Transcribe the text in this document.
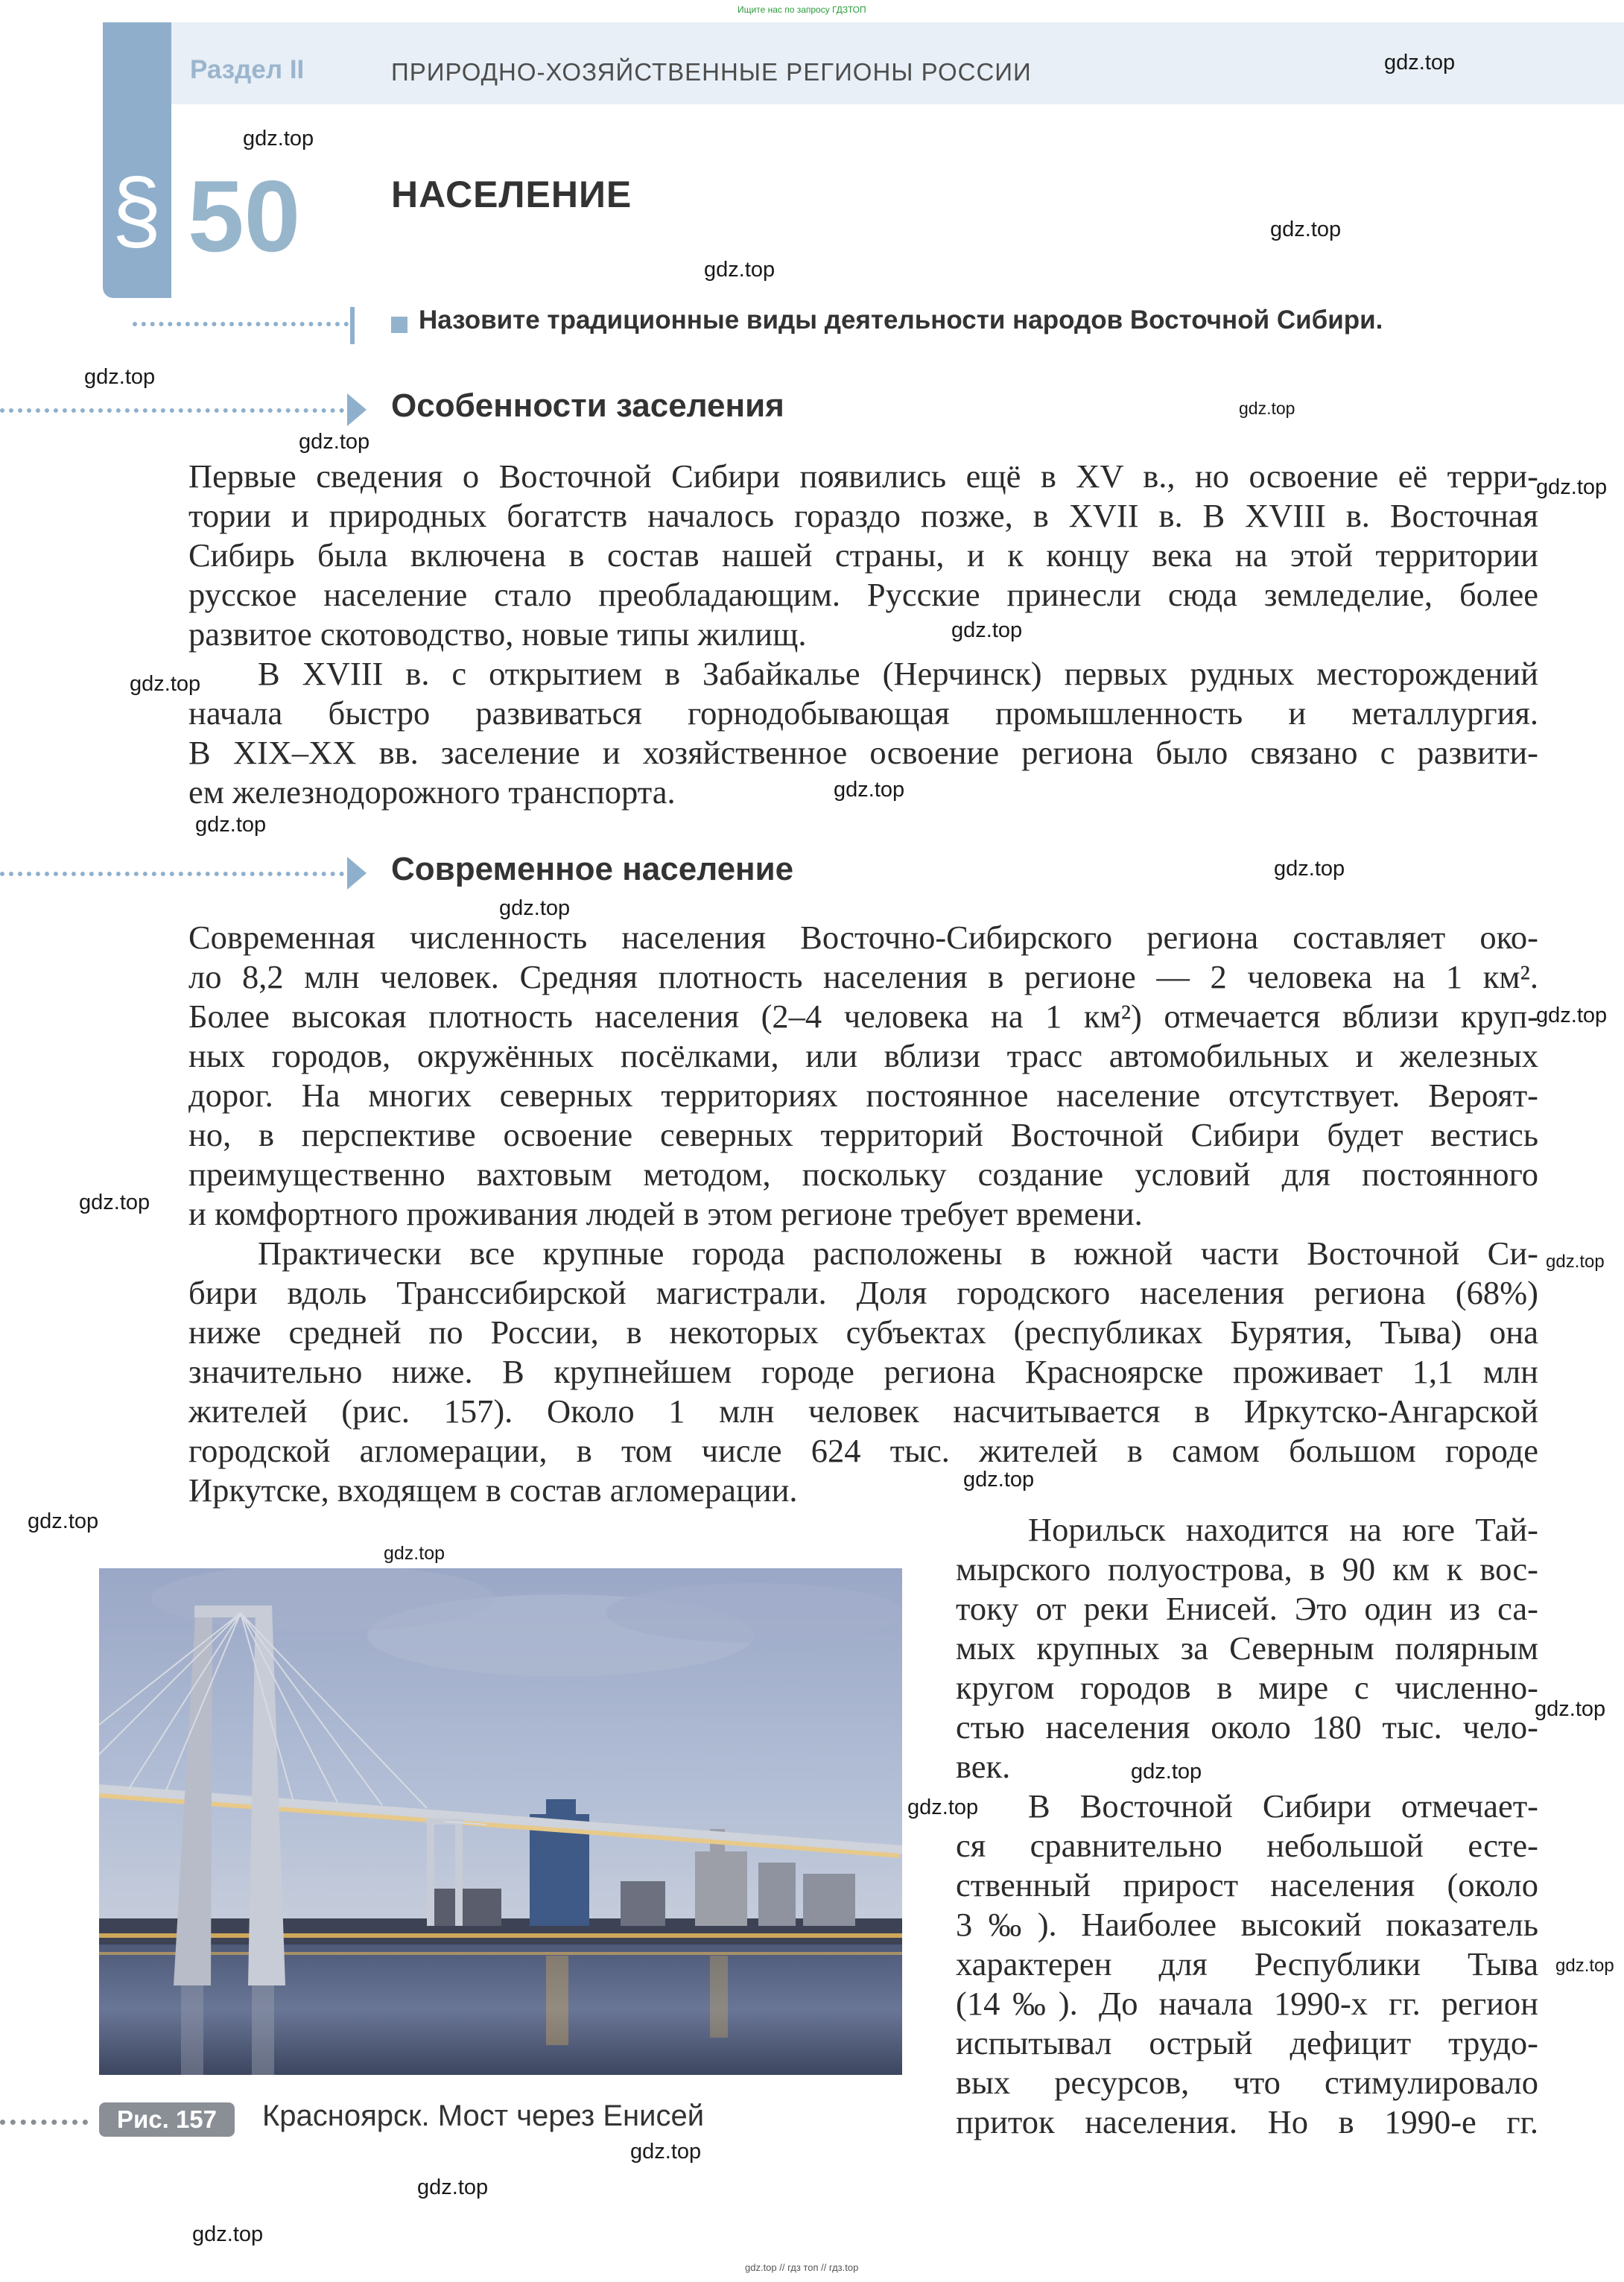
Ищите нас по запросу ГДЗТОП
gdz.top // гдз топ // гдз.top
Раздел II	ПРИРОДНО-ХОЗЯЙСТВЕННЫЕ РЕГИОНЫ РОССИИ
§ 50 НАСЕЛЕНИЕ
Назовите традиционные виды деятельности народов Восточной Сибири.
Особенности заселения
Первые сведения о Восточной Сибири появились ещё в XV в., но освоение её терри-
тории и природных богатств началось гораздо позже, в XVII в. В XVIII в. Восточная
Сибирь была включена в состав нашей страны, и к концу века на этой территории
русское население стало преобладающим. Русские принесли сюда земледелие, более
развитое скотоводство, новые типы жилищ.
В XVIII в. с открытием в Забайкалье (Нерчинск) первых рудных месторождений
начала быстро развиваться горнодобывающая промышленность и металлургия.
В XIX–XX вв. заселение и хозяйственное освоение региона было связано с развити-
ем железнодорожного транспорта.
Современное население
Современная численность населения Восточно-Сибирского региона составляет око-
ло 8,2 млн человек. Средняя плотность населения в регионе — 2 человека на 1 км².
Более высокая плотность населения (2–4 человека на 1 км²) отмечается вблизи круп-
ных городов, окружённых посёлками, или вблизи трасс автомобильных и железных
дорог. На многих северных территориях постоянное население отсутствует. Вероят-
но, в перспективе освоение северных территорий Восточной Сибири будет вестись
преимущественно вахтовым методом, поскольку создание условий для постоянного
и комфортного проживания людей в этом регионе требует времени.
Практически все крупные города расположены в южной части Восточной Си-
бири вдоль Транссибирской магистрали. Доля городского населения региона (68%)
ниже средней по России, в некоторых субъектах (республиках Бурятия, Тыва) она
значительно ниже. В крупнейшем городе региона Красноярске проживает 1,1 млн
жителей (рис. 157). Около 1 млн человек насчитывается в Иркутско-Ангарской
городской агломерации, в том числе 624 тыс. жителей в самом большом городе
Иркутске, входящем в состав агломерации.
Норильск находится на юге Тай-
мырского полуострова, в 90 км к вос-
току от реки Енисей. Это один из са-
мых крупных за Северным полярным
кругом городов в мире с численно-
стью населения около 180 тыс. чело-
век.
В Восточной Сибири отмечает-
ся сравнительно небольшой есте-
ственный прирост населения (около
3‰). Наиболее высокий показатель
характерен для Республики Тыва
(14‰). До начала 1990-х гг. регион
испытывал острый дефицит трудо-
вых ресурсов, что стимулировало
приток населения. Но в 1990-е гг.
Рис. 157	Красноярск. Мост через Енисей
gdz.top
gdz.top
gdz.top
gdz.top
gdz.top
gdz.top
gdz.top
gdz.top
gdz.top
gdz.top
gdz.top
gdz.top
gdz.top
gdz.top
gdz.top
gdz.top
gdz.top
gdz.top
gdz.top
gdz.top
gdz.top
gdz.top
gdz.top
gdz.top
gdz.top
gdz.top
gdz.top
